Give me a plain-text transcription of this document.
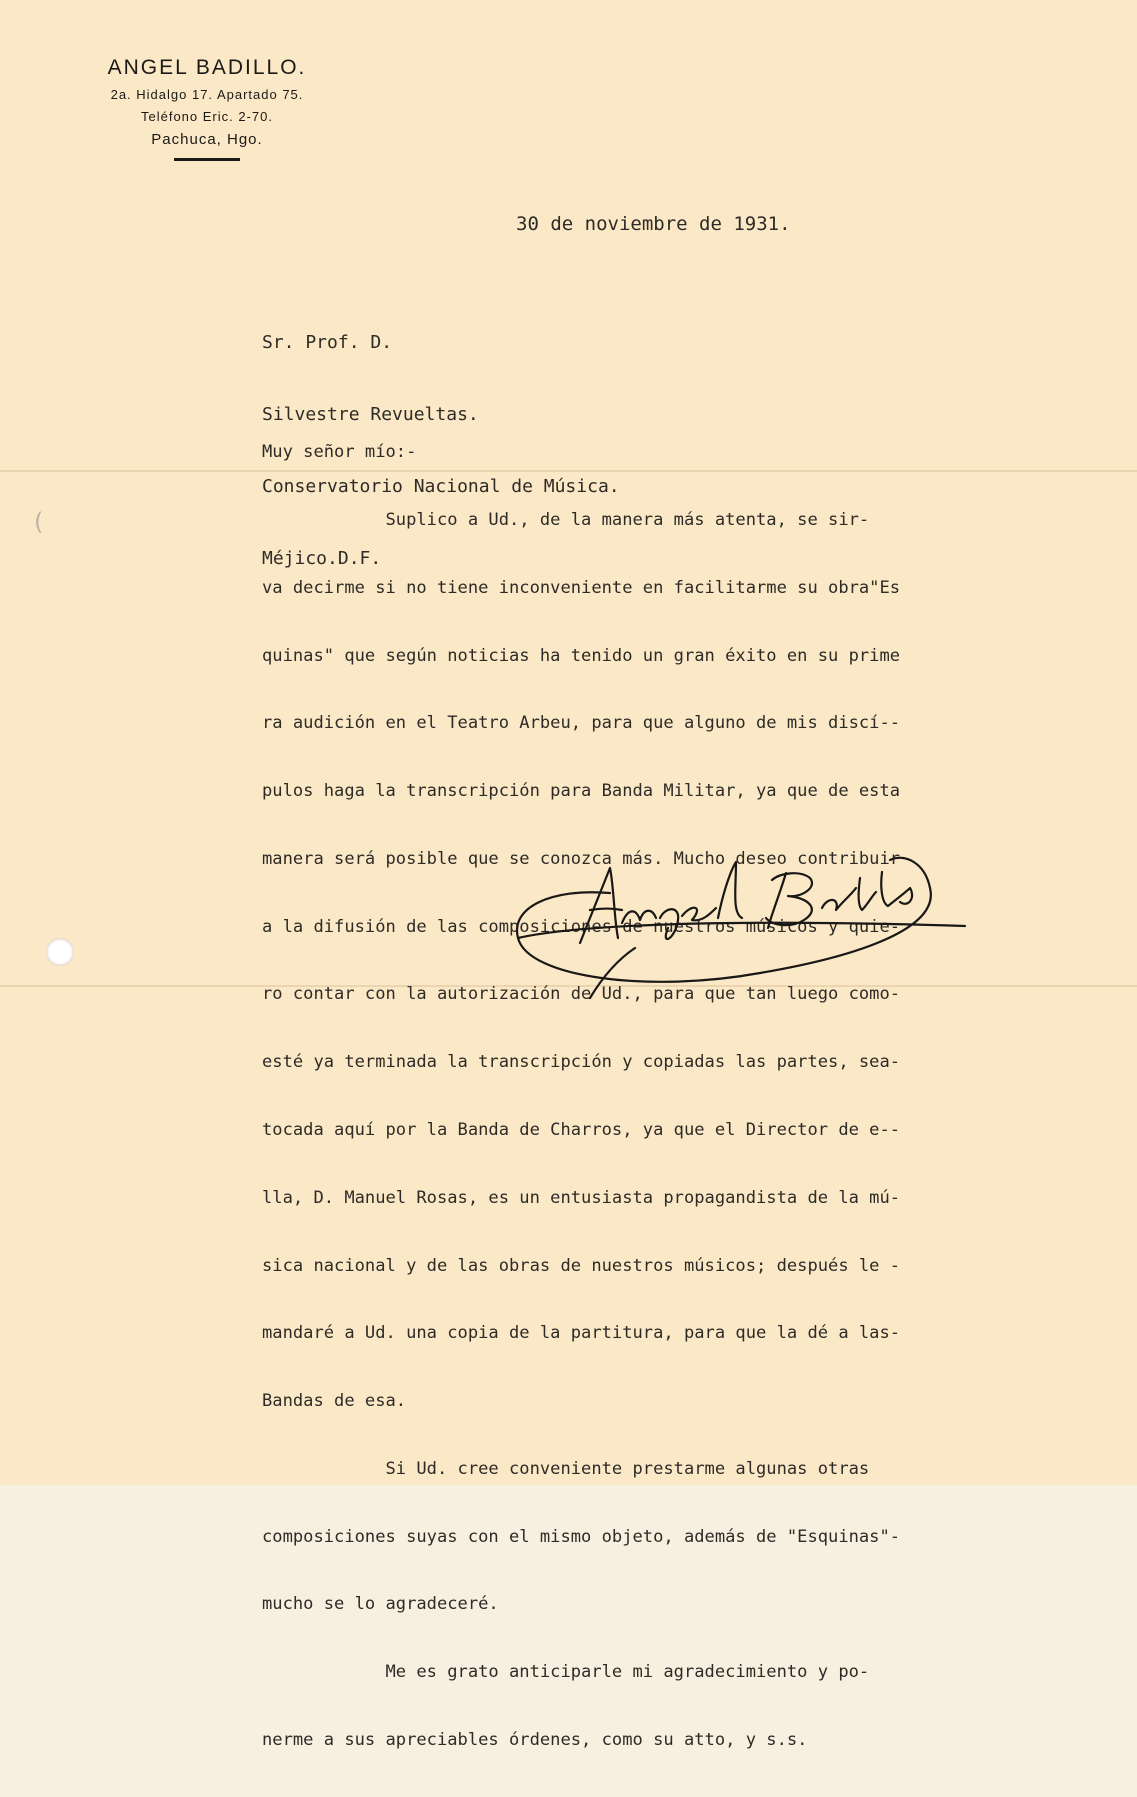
(
ANGEL BADILLO.
2a. Hidalgo 17. Apartado 75.
Teléfono Eric. 2-70.
Pachuca, Hgo.
30 de noviembre de 1931.

Sr. Prof. D.

Silvestre Revueltas.

Conservatorio Nacional de Música.

Méjico.D.F.

Muy señor mío:-

Suplico a Ud., de la manera más atenta, se sir-

va decirme si no tiene inconveniente en facilitarme su obra"Es

quinas" que según noticias ha tenido un gran éxito en su prime

ra audición en el Teatro Arbeu, para que alguno de mis discí--

pulos haga la transcripción para Banda Militar, ya que de esta

manera será posible que se conozca más. Mucho deseo contribuir

a la difusión de las composiciones de nuestros músicos y quie-

ro contar con la autorización de Ud., para que tan luego como-

esté ya terminada la transcripción y copiadas las partes, sea-

tocada aquí por la Banda de Charros, ya que el Director de e--

lla, D. Manuel Rosas, es un entusiasta propagandista de la mú-

sica nacional y de las obras de nuestros músicos; después le -

mandaré a Ud. una copia de la partitura, para que la dé a las-

Bandas de esa.

Si Ud. cree conveniente prestarme algunas otras

composiciones suyas con el mismo objeto, además de "Esquinas"-

mucho se lo agradeceré.

Me es grato anticiparle mi agradecimiento y po-

nerme a sus apreciables órdenes, como su atto, y s.s.
